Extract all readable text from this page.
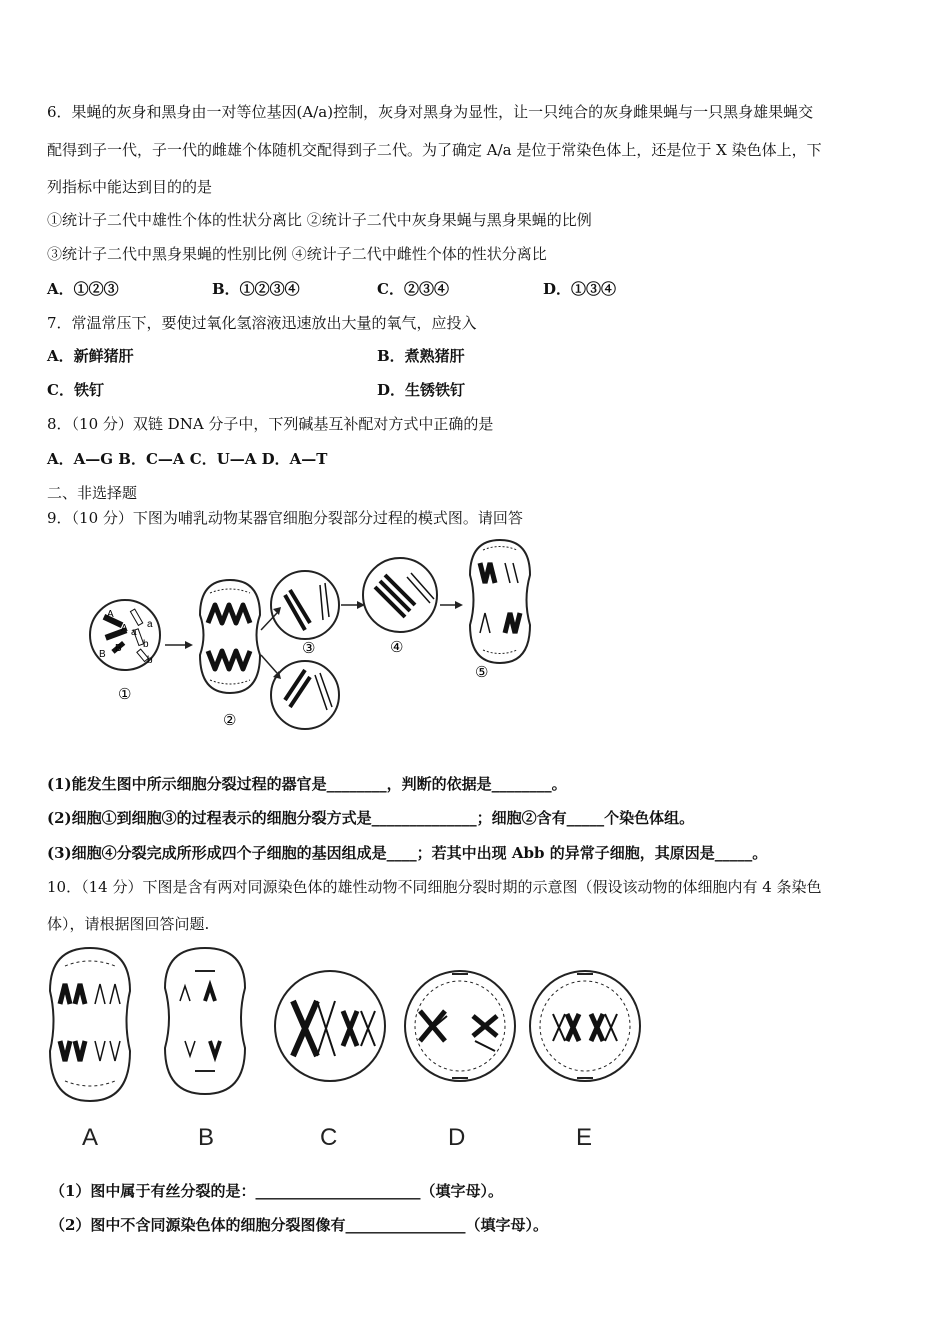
6．果蝇的灰身和黑身由一对等位基因(A/a)控制，灰身对黑身为显性，让一只纯合的灰身雌果蝇与一只黑身雄果蝇交
配得到子一代，子一代的雌雄个体随机交配得到子二代。为了确定 A/a 是位于常染色体上，还是位于 X 染色体上，下
列指标中能达到目的的是
①统计子二代中雄性个体的性状分离比 ②统计子二代中灰身果蝇与黑身果蝇的比例
③统计子二代中黑身果蝇的性别比例 ④统计子二代中雌性个体的性状分离比
A．①②③	B．①②③④	C．②③④	D．①③④
7．常温常压下，要使过氧化氢溶液迅速放出大量的氧气，应投入
A．新鲜猪肝	B．煮熟猪肝
C．铁钉	D．生锈铁钉
8．（10 分）双链 DNA 分子中，下列碱基互补配对方式中正确的是
A．A—G B．C—A C．U—A D．A—T
二、非选择题
9．（10 分）下图为哺乳动物某器官细胞分裂部分过程的模式图。请回答
A
A a
a
B
B b
b
①
②
③	④
⑤
(1)能发生图中所示细胞分裂过程的器官是________，判断的依据是________。
(2)细胞①到细胞③的过程表示的细胞分裂方式是______________；细胞②含有_____个染色体组。
(3)细胞④分裂完成所形成四个子细胞的基因组成是____；若其中出现 Abb 的异常子细胞，其原因是_____。
10．（14 分）下图是含有两对同源染色体的雄性动物不同细胞分裂时期的示意图（假设该动物的体细胞内有 4 条染色
体），请根据图回答问题.
A	B	C	D	E
（1）图中属于有丝分裂的是：______________________（填字母）。
（2）图中不含同源染色体的细胞分裂图像有________________（填字母）。
